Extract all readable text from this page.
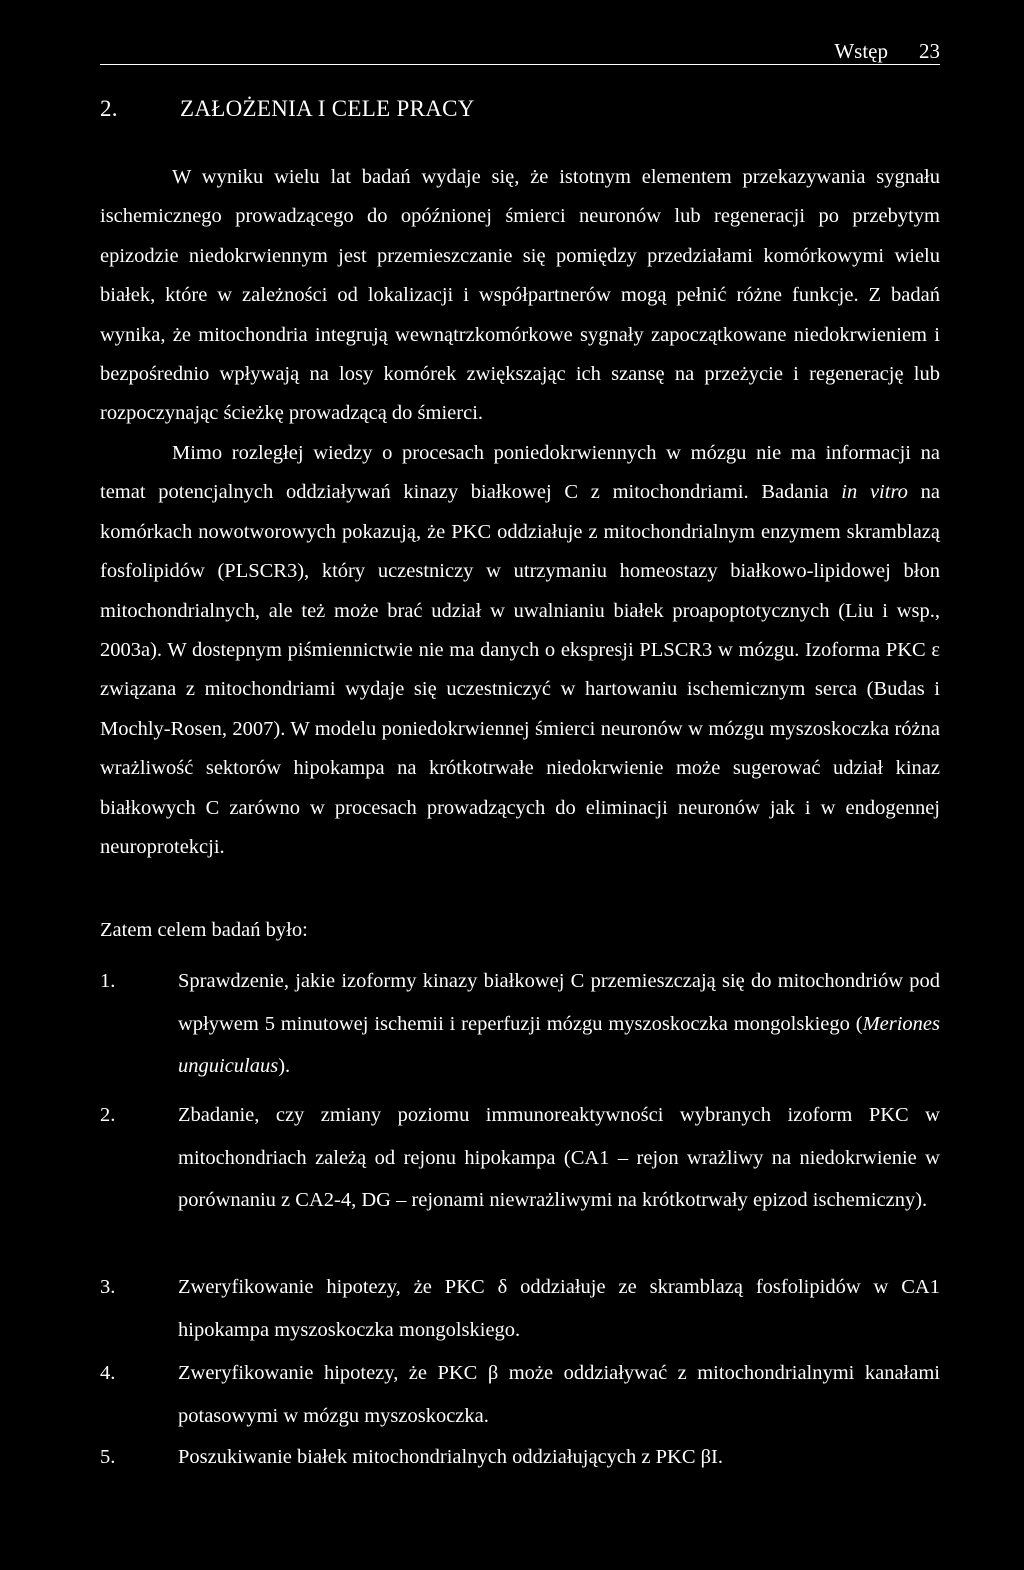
Wstęp 23
2.	ZAŁOŻENIA I CELE PRACY

W wyniku wielu lat badań wydaje się, że istotnym elementem przekazywania sygnału ischemicznego prowadzącego do opóźnionej śmierci neuronów lub regeneracji po przebytym epizodzie niedokrwiennym jest przemieszczanie się pomiędzy przedziałami komórkowymi wielu białek, które w zależności od lokalizacji i współpartnerów mogą pełnić różne funkcje. Z badań wynika, że mitochondria integrują wewnątrzkomórkowe sygnały zapoczątkowane niedokrwieniem i bezpośrednio wpływają na losy komórek zwiększając ich szansę na przeżycie i regenerację lub rozpoczynając ścieżkę prowadzącą do śmierci.

Mimo rozległej wiedzy o procesach poniedokrwiennych w mózgu nie ma informacji na temat potencjalnych oddziaływań kinazy białkowej C z mitochondriami. Badania in vitro na komórkach nowotworowych pokazują, że PKC oddziałuje z mitochondrialnym enzymem skramblazą fosfolipidów (PLSCR3), który uczestniczy w utrzymaniu homeostazy białkowo-lipidowej błon mitochondrialnych, ale też może brać udział w uwalnianiu białek proapoptotycznych (Liu i wsp., 2003a). W dostepnym piśmiennictwie nie ma danych o ekspresji PLSCR3 w mózgu. Izoforma PKC ε związana z mitochondriami wydaje się uczestniczyć w hartowaniu ischemicznym serca (Budas i Mochly-Rosen, 2007). W modelu poniedokrwiennej śmierci neuronów w mózgu myszoskoczka różna wrażliwość sektorów hipokampa na krótkotrwałe niedokrwienie może sugerować udział kinaz białkowych C zarówno w procesach prowadzących do eliminacji neuronów jak i w endogennej neuroprotekcji.

Zatem celem badań było:

1.	Sprawdzenie, jakie izoformy kinazy białkowej C przemieszczają się do mitochondriów pod wpływem 5 minutowej ischemii i reperfuzji mózgu myszoskoczka mongolskiego (Meriones unguiculaus).
2.	Zbadanie, czy zmiany poziomu immunoreaktywności wybranych izoform PKC w mitochondriach zależą od rejonu hipokampa (CA1 – rejon wrażliwy na niedokrwienie w porównaniu z CA2-4, DG – rejonami niewrażliwymi na krótkotrwały epizod ischemiczny).
3.	Zweryfikowanie hipotezy, że PKC δ oddziałuje ze skramblazą fosfolipidów w CA1 hipokampa myszoskoczka mongolskiego.
4.	Zweryfikowanie hipotezy, że PKC β może oddziaływać z mitochondrialnymi kanałami potasowymi w mózgu myszoskoczka.
5.	Poszukiwanie białek mitochondrialnych oddziałujących z PKC βI.
